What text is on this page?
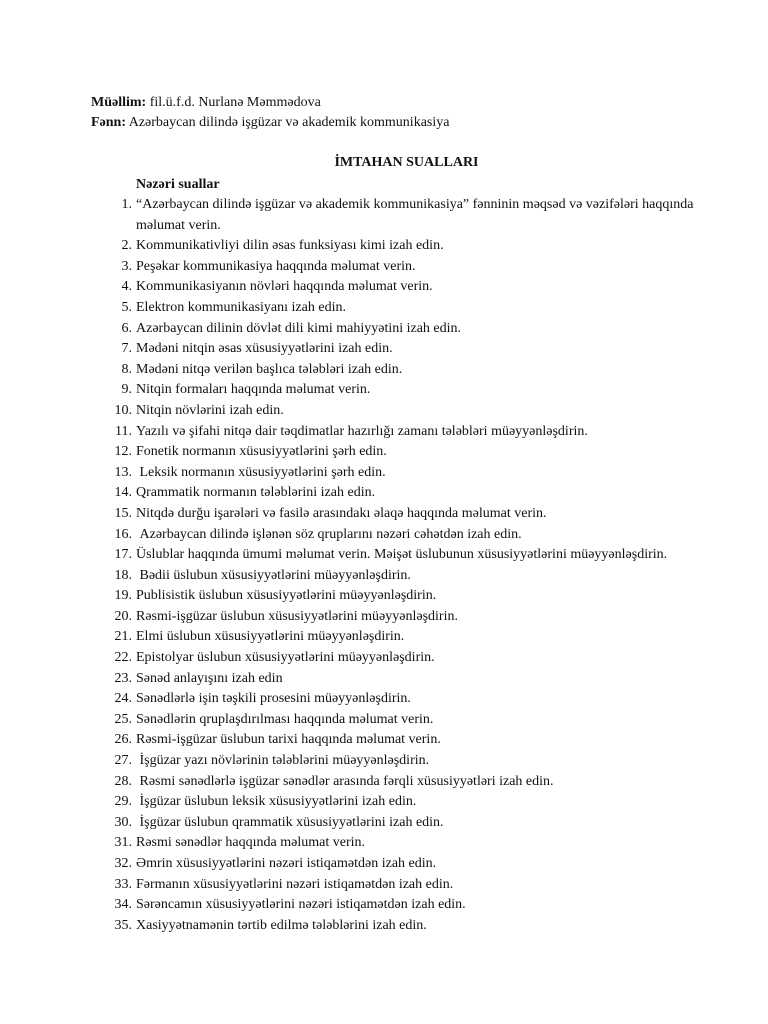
Müəllim: fil.ü.f.d. Nurlanə Məmmədova
Fənn: Azərbaycan dilində işgüzar və akademik kommunikasiya
İMTAHAN SUALLARI
Nəzəri suallar
1. “Azərbaycan dilində işgüzar və akademik kommunikasiya” fənninin məqsəd və vəzifələri haqqında məlumat verin.
2. Kommunikativliyi dilin əsas funksiyası kimi izah edin.
3. Peşəkar kommunikasiya haqqında məlumat verin.
4. Kommunikasiyanın növləri haqqında məlumat verin.
5. Elektron kommunikasiyanı izah edin.
6. Azərbaycan dilinin dövlət dili kimi mahiyyətini izah edin.
7. Mədəni nitqin əsas xüsusiyyətlərini izah edin.
8. Mədəni nitqə verilən başlıca tələbləri izah edin.
9. Nitqin formaları haqqında məlumat verin.
10. Nitqin növlərini izah edin.
11. Yazılı və şifahi nitqə dair təqdimatlar hazırlığı zamanı tələbləri müəyyənləşdirin.
12. Fonetik normanın xüsusiyyətlərini şərh edin.
13. Leksik normanın xüsusiyyətlərini şərh edin.
14. Qrammatik normanın tələblərini izah edin.
15. Nitqdə durğu işarələri və fasilə arasındakı əlaqə haqqında məlumat verin.
16. Azərbaycan dilində işlənən söz qruplarını nəzəri cəhətdən izah edin.
17. Üslublar haqqında ümumi məlumat verin. Məişət üslubunun xüsusiyyətlərini müəyyənləşdirin.
18. Bədii üslubun xüsusiyyətlərini müəyyənləşdirin.
19. Publisistik üslubun xüsusiyyətlərini müəyyənləşdirin.
20. Rəsmi-işgüzar üslubun xüsusiyyətlərini müəyyənləşdirin.
21. Elmi üslubun xüsusiyyətlərini müəyyənləşdirin.
22. Epistolyar üslubun xüsusiyyətlərini müəyyənləşdirin.
23. Sənəd anlayışını izah edin
24. Sənədlərlə işin təşkili prosesini müəyyənləşdirin.
25. Sənədlərin qruplaşdırılması haqqında məlumat verin.
26. Rəsmi-işgüzar üslubun tarixi haqqında məlumat verin.
27. İşgüzar yazı növlərinin tələblərini müəyyənləşdirin.
28. Rəsmi sənədlərlə işgüzar sənədlər arasında fərqli xüsusiyyətləri izah edin.
29. İşgüzar üslubun leksik xüsusiyyətlərini izah edin.
30. İşgüzar üslubun qrammatik xüsusiyyətlərini izah edin.
31. Rəsmi sənədlər haqqında məlumat verin.
32. Əmrin xüsusiyyətlərini nəzəri istiqamətdən izah edin.
33. Fərmanın xüsusiyyətlərini nəzəri istiqamətdən izah edin.
34. Sərəncamın xüsusiyyətlərini nəzəri istiqamətdən izah edin.
35. Xasiyyətnamənin tərtib edilmə tələblərini izah edin.
